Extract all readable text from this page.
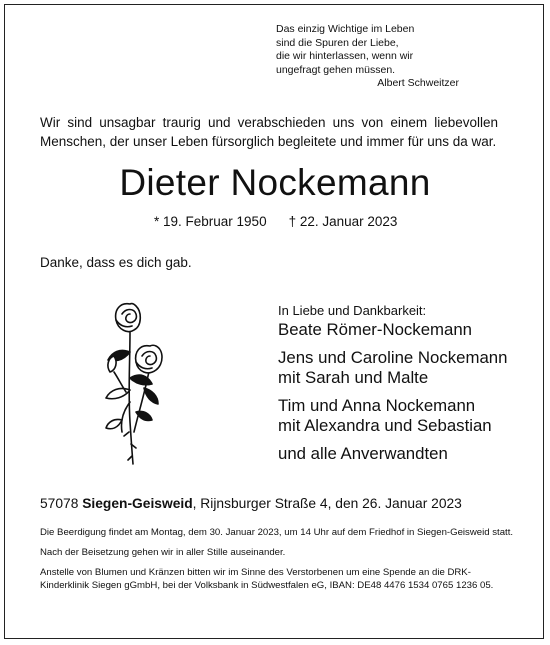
Das einzig Wichtige im Leben
sind die Spuren der Liebe,
die wir hinterlassen, wenn wir
ungefragt gehen müssen.
Albert Schweitzer
Wir sind unsagbar traurig und verabschieden uns von einem liebevollen Menschen, der unser Leben fürsorglich begleitete und immer für uns da war.
Dieter Nockemann
* 19. Februar 1950 † 22. Januar 2023
Danke, dass es dich gab.
In Liebe und Dankbarkeit:
Beate Römer-Nockemann
Jens und Caroline Nockemann
mit Sarah und Malte
Tim und Anna Nockemann
mit Alexandra und Sebastian
und alle Anverwandten
57078 Siegen-Geisweid, Rijnsburger Straße 4, den 26. Januar 2023

Die Beerdigung findet am Montag, dem 30. Januar 2023, um 14 Uhr auf dem Friedhof in Siegen-Geisweid statt.

Nach der Beisetzung gehen wir in aller Stille auseinander.

Anstelle von Blumen und Kränzen bitten wir im Sinne des Verstorbenen um eine Spende an die DRK-Kinderklinik Siegen gGmbH, bei der Volksbank in Südwestfalen eG, IBAN: DE48 4476 1534 0765 1236 05.
